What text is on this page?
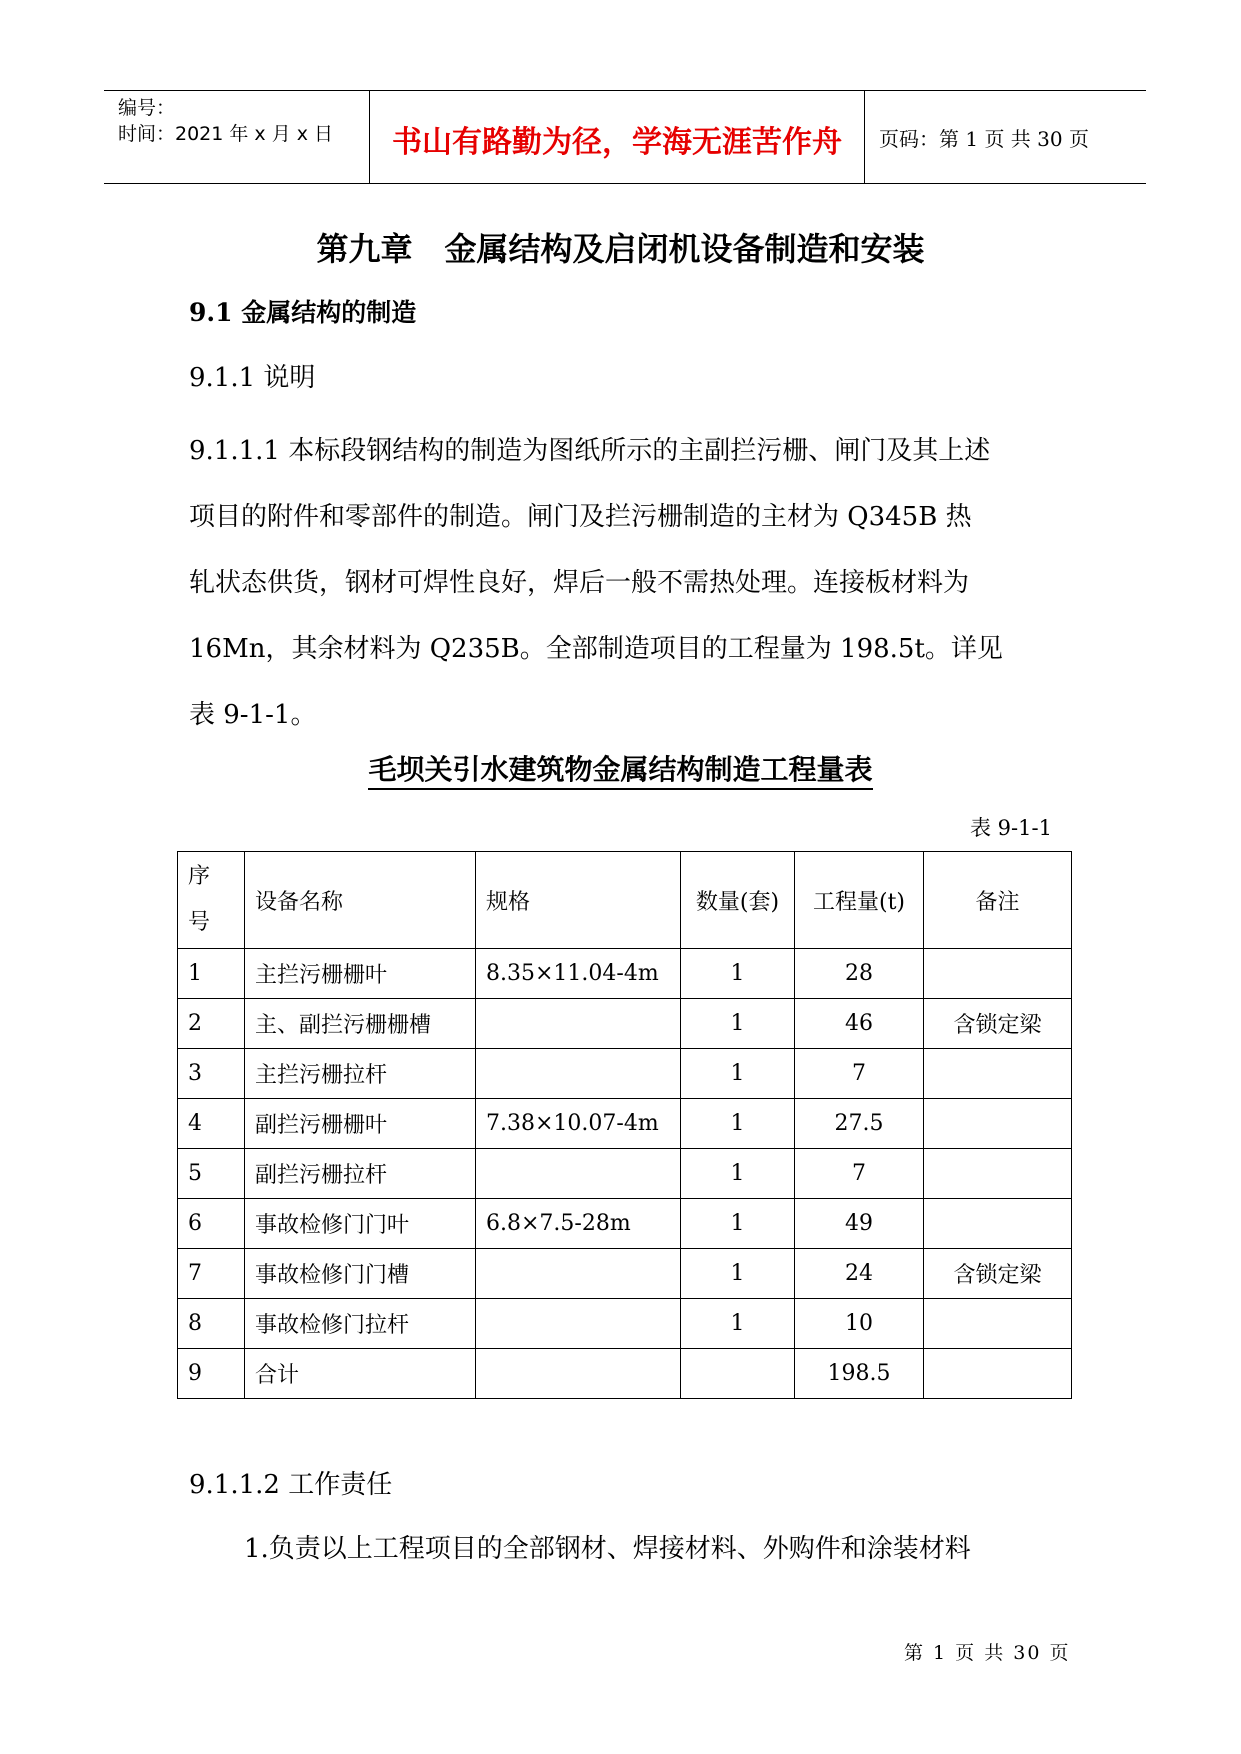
编号：
时间：2021 年 x 月 x 日	书山有路勤为径，学海无涯苦作舟	页码：第 1 页 共 30 页
第九章　金属结构及启闭机设备制造和安装
9.1 金属结构的制造
9.1.1 说明
9.1.1.1 本标段钢结构的制造为图纸所示的主副拦污栅、闸门及其上述
项目的附件和零部件的制造。闸门及拦污栅制造的主材为 Q345B 热
轧状态供货，钢材可焊性良好，焊后一般不需热处理。连接板材料为
16Mn，其余材料为 Q235B。全部制造项目的工程量为 198.5t。详见
表 9-1-1。
毛坝关引水建筑物金属结构制造工程量表
表 9-1-1
序号	设备名称	规格	数量(套)	工程量(t)	备注
1	主拦污栅栅叶	8.35×11.04-4m	1	28	
2	主、副拦污栅栅槽		1	46	含锁定梁
3	主拦污栅拉杆		1	7	
4	副拦污栅栅叶	7.38×10.07-4m	1	27.5	
5	副拦污栅拉杆		1	7	
6	事故检修门门叶	6.8×7.5-28m	1	49	
7	事故检修门门槽		1	24	含锁定梁
8	事故检修门拉杆		1	10	
9	合计			198.5	
9.1.1.2 工作责任
1.负责以上工程项目的全部钢材、焊接材料、外购件和涂装材料
第 1 页 共 30 页
